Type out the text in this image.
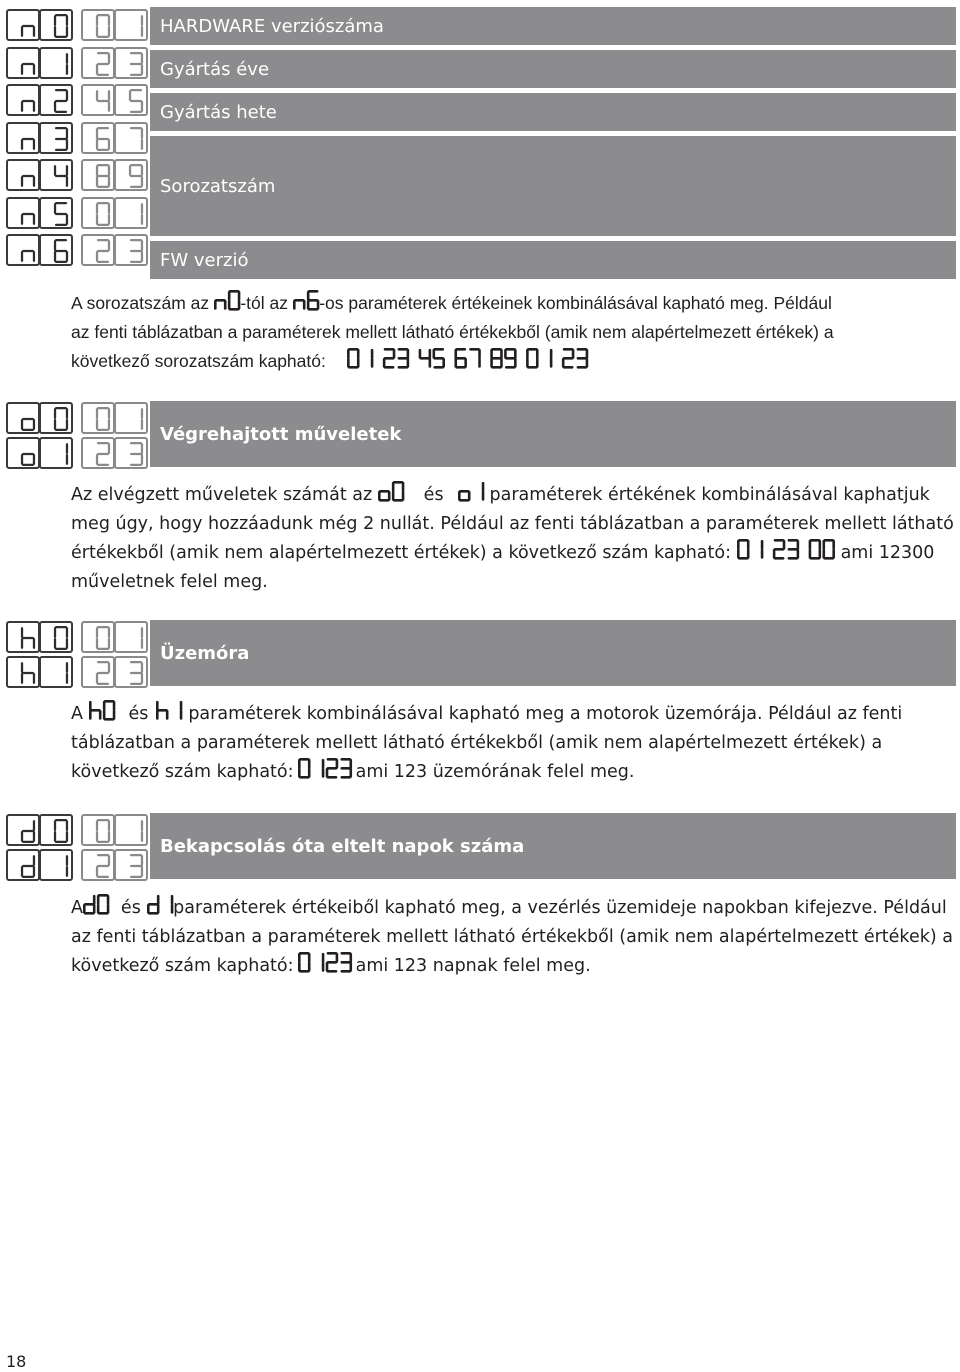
HARDWARE verziószáma
Gyártás éve
Gyártás hete
Sorozatszám
FW verzió
A sorozatszám az
-tól az
-os paraméterek értékeinek kombinálásával kapható meg. Például
az fenti táblázatban a paraméterek mellett látható értékekből (amik nem alapértelmezett értékek) a
következő sorozatszám kapható:
Végrehajtott műveletek
Az elvégzett műveletek számát az	és	paraméterek értékének kombinálásával kaphatjuk
meg úgy, hogy hozzáadunk még 2 nullát. Például az fenti táblázatban a paraméterek mellett látható
értékekből (amik nem alapértelmezett értékek) a következő szám kapható:	ami 12300
műveletnek felel meg.
Üzemóra
A	és paraméterek kombinálásával kapható meg a motorok üzemórája. Például az fenti
táblázatban a paraméterek mellett látható értékekből (amik nem alapértelmezett értékek) a
következő szám kapható:	ami 123 üzemórának felel meg.
Bekapcsolás óta eltelt napok száma
A és paraméterek értékeiből kapható meg, a vezérlés üzemideje napokban kifejezve. Például
az fenti táblázatban a paraméterek mellett látható értékekből (amik nem alapértelmezett értékek) a
következő szám kapható:	ami 123 napnak felel meg.
18
